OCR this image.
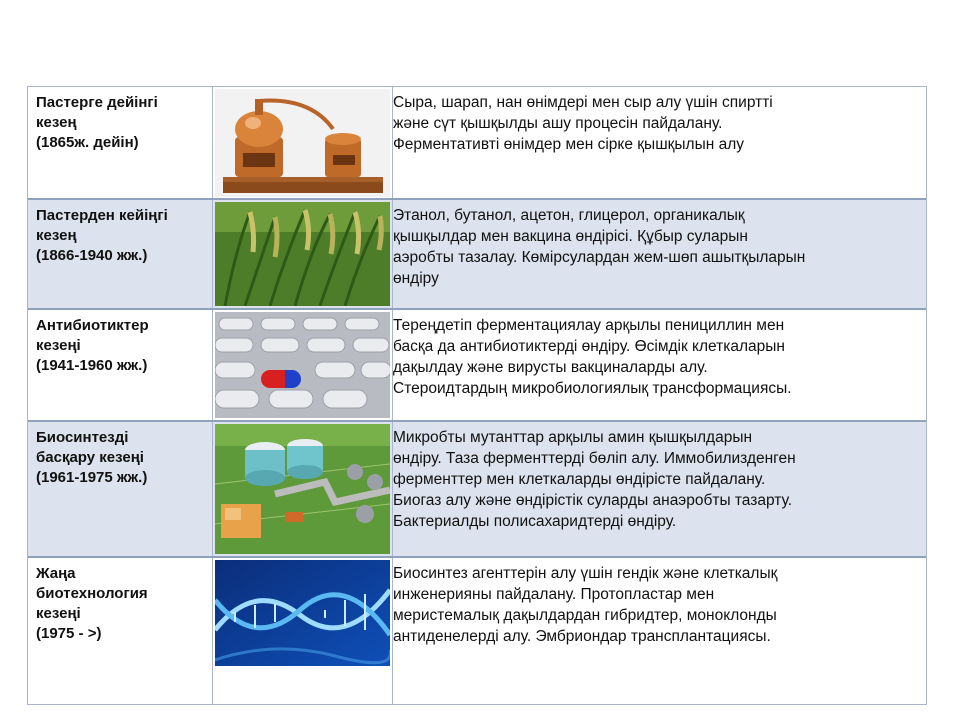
Пастерге дейінгі
кезең
(1865ж. дейін)
Сыра, шарап, нан өнімдері мен сыр алу үшін спиртті
және сүт қышқылды ашу процесін пайдалану.
Ферментативті өнімдер мен сірке қышқылын алу
Пастерден кейіңгі
кезең
(1866-1940 жж.)
Этанол, бутанол, ацетон, глицерол, органикалық
қышқылдар мен вакцина өндірісі. Құбыр суларын
аэробты тазалау. Көмірсулардан жем-шөп ашытқыларын
өндіру
Антибиотиктер
кезеңі
(1941-1960 жж.)
Тереңдетіп ферментациялау арқылы пенициллин мен
басқа да антибиотиктерді өндіру. Өсімдік клеткаларын
дақылдау және вирусты вакциналарды алу.
Стероидтардың микробиологиялық трансформациясы.
Биосинтезді
басқару кезеңі
(1961-1975 жж.)
Микробты мутанттар арқылы амин қышқылдарын
өндіру. Таза ферменттерді бөліп алу. Иммобилизденген
ферменттер мен клеткаларды өндірісте пайдалану.
Биогаз алу және өндірістік суларды анаэробты тазарту.
Бактериалды полисахаридтерді өндіру.
Жаңа
биотехнология
кезеңі
(1975 - >)
Биосинтез агенттерін алу үшін гендік және клеткалық
инженерияны пайдалану. Протопластар мен
меристемалық дақылдардан гибридтер, моноклонды
антиденелерді алу. Эмбриондар трансплантациясы.
